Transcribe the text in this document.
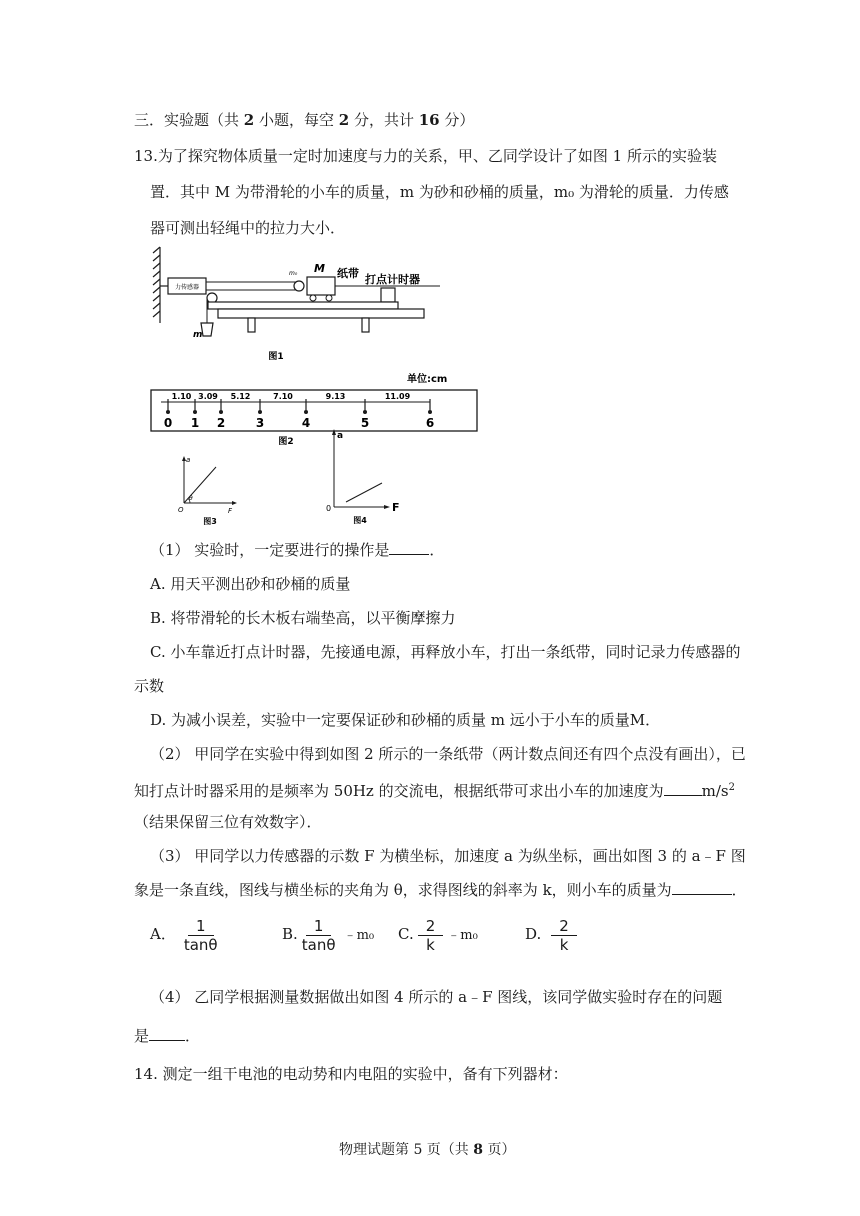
三．实验题（共 2 小题，每空 2 分，共计 16 分）
13.为了探究物体质量一定时加速度与力的关系，甲、乙同学设计了如图 1 所示的实验装
置．其中 M 为带滑轮的小车的质量，m 为砂和砂桶的质量，m₀ 为滑轮的质量．力传感
器可测出轻绳中的拉力大小．
力传感器
m
m₀ M 纸带 打点计时器
图1
单位:cm
1.10 3.09 5.12	7.10	9.13	11.09
0 1 2	3	4	5	6
图2
θ
a
F
O
图3
a
F
0
图4
（1） 实验时，一定要进行的操作是	．
A. 用天平测出砂和砂桶的质量
B. 将带滑轮的长木板右端垫高，以平衡摩擦力
C. 小车靠近打点计时器，先接通电源，再释放小车，打出一条纸带，同时记录力传感器的
示数
D. 为减小误差，实验中一定要保证砂和砂桶的质量 m 远小于小车的质量M．
（2） 甲同学在实验中得到如图 2 所示的一条纸带（两计数点间还有四个点没有画出），已
知打点计时器采用的是频率为 50Hz 的交流电，根据纸带可求出小车的加速度为	$m/s^2$
（结果保留三位有效数字）．
（3） 甲同学以力传感器的示数 F 为横坐标，加速度 a 为纵坐标，画出如图 3 的 a﹣F 图
象是一条直线，图线与横坐标的夹角为 θ，求得图线的斜率为 k，则小车的质量为	．
A． $\frac{1}{\tan\theta}$	B. $\frac{1}{\tan\theta}$ ﹣m₀ C. $\frac{2}{k}$ ﹣m₀	D. $\frac{2}{k}$
（4） 乙同学根据测量数据做出如图 4 所示的 a﹣F 图线，该同学做实验时存在的问题
是 ．
14. 测定一组干电池的电动势和内电阻的实验中，备有下列器材：
物理试题第 5 页（共 8 页）
